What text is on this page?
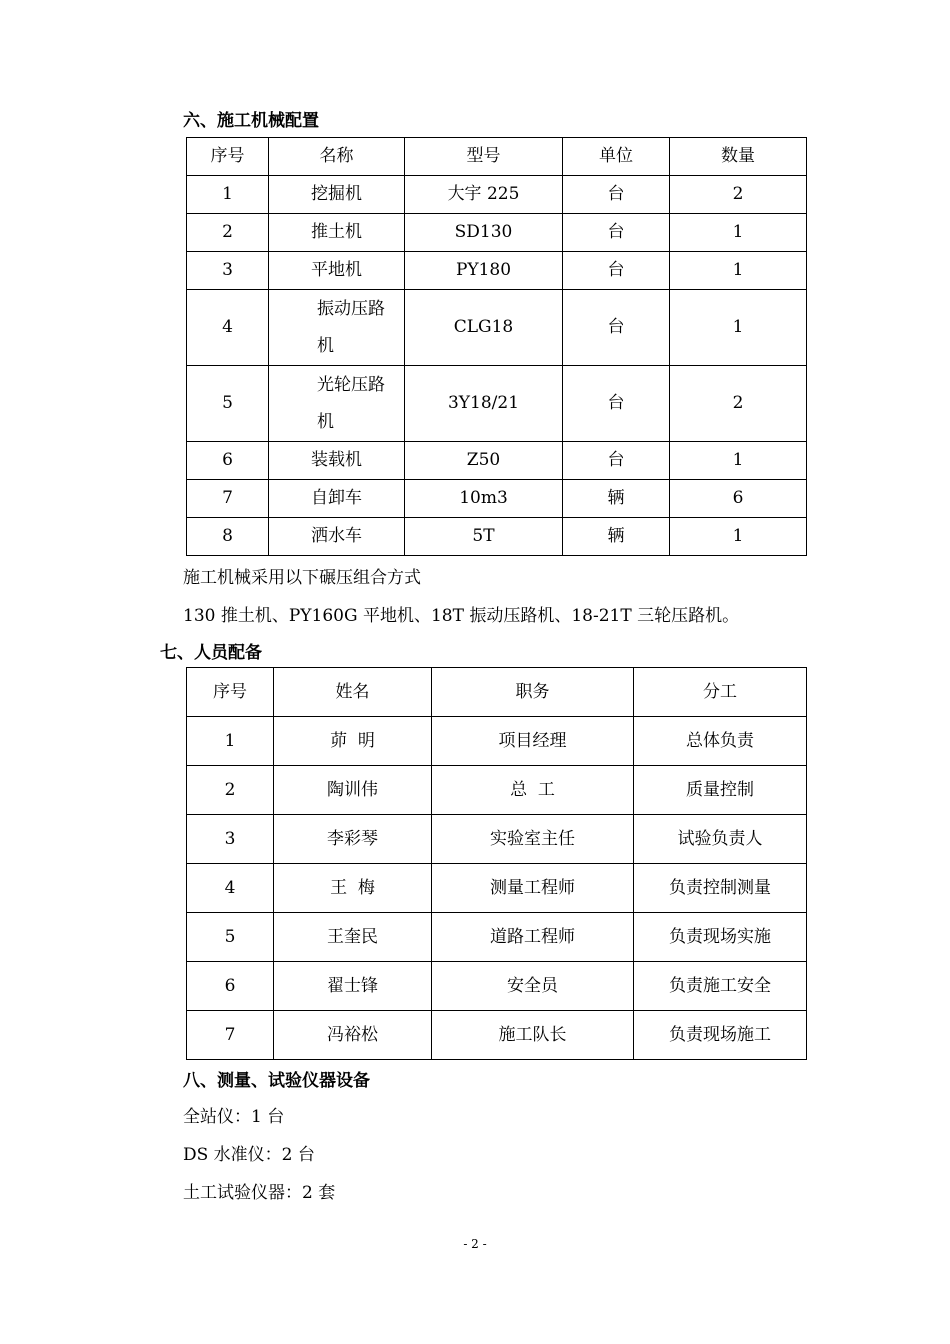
六、施工机械配置
序号	名称	型号	单位	数量
1	挖掘机	大宇 225	台	2
2	推土机	SD130	台	1
3	平地机	PY180	台	1
4	振动压路机	CLG18	台	1
5	光轮压路机	3Y18/21	台	2
6	装载机	Z50	台	1
7	自卸车	10m3	辆	6
8	洒水车	5T	辆	1
施工机械采用以下碾压组合方式
130 推土机、PY160G 平地机、18T 振动压路机、18-21T 三轮压路机。
七、人员配备
序号	姓名	职务	分工
1	茆  明	项目经理	总体负责
2	陶训伟	总  工	质量控制
3	李彩琴	实验室主任	试验负责人
4	王  梅	测量工程师	负责控制测量
5	王奎民	道路工程师	负责现场实施
6	翟士锋	安全员	负责施工安全
7	冯裕松	施工队长	负责现场施工
八、测量、试验仪器设备
全站仪：1 台
DS 水准仪：2 台
土工试验仪器：2 套
- 2 -
